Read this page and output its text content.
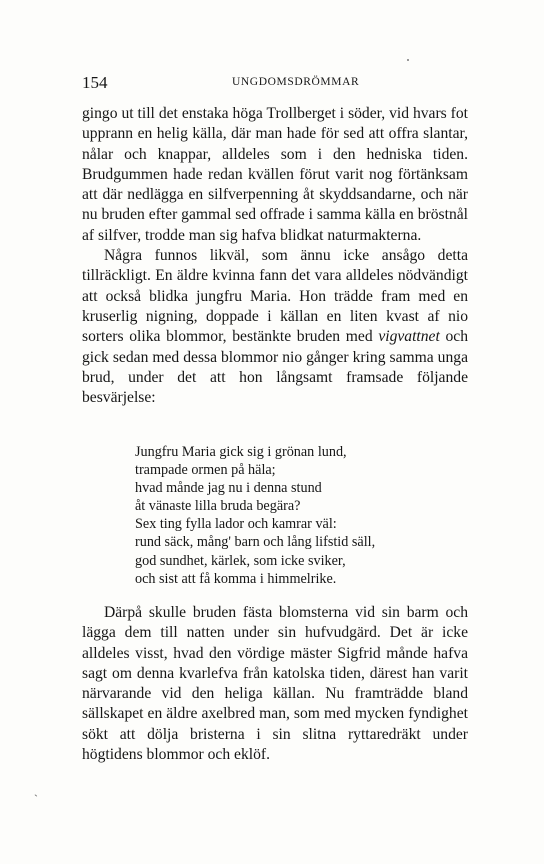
154	UNGDOMSDRÖMMAR

gingo ut till det enstaka höga Trollberget i söder, vid hvars fot upprann en helig källa, där man hade för sed att offra slantar, nålar och knappar, alldeles som i den hedniska tiden. Brudgummen hade redan kvällen förut varit nog förtänksam att där nedlägga en silfverpenning åt skyddsandarne, och när nu bruden efter gammal sed offrade i samma källa en bröstnål af silfver, trodde man sig hafva blidkat naturmakterna.

Några funnos likväl, som ännu icke ansågo detta tillräckligt. En äldre kvinna fann det vara alldeles nödvändigt att också blidka jungfru Maria. Hon trädde fram med en kruserlig nigning, doppade i källan en liten kvast af nio sorters olika blommor, bestänkte bruden med vigvattnet och gick sedan med dessa blommor nio gånger kring samma unga brud, under det att hon långsamt framsade följande besvärjelse:

Jungfru Maria gick sig i grönan lund,
trampade ormen på häla;
hvad månde jag nu i denna stund
åt vänaste lilla bruda begära?
Sex ting fylla lador och kamrar väl:
rund säck, mång' barn och lång lifstid säll,
god sundhet, kärlek, som icke sviker,
och sist att få komma i himmelrike.

Därpå skulle bruden fästa blomsterna vid sin barm och lägga dem till natten under sin hufvudgärd. Det är icke alldeles visst, hvad den vördige mäster Sigfrid månde hafva sagt om denna kvarlefva från katolska tiden, därest han varit närvarande vid den heliga källan. Nu framträdde bland sällskapet en äldre axelbred man, som med mycken fyndighet sökt att dölja bristerna i sin slitna ryttaredräkt under högtidens blommor och eklöf.

ˎ
